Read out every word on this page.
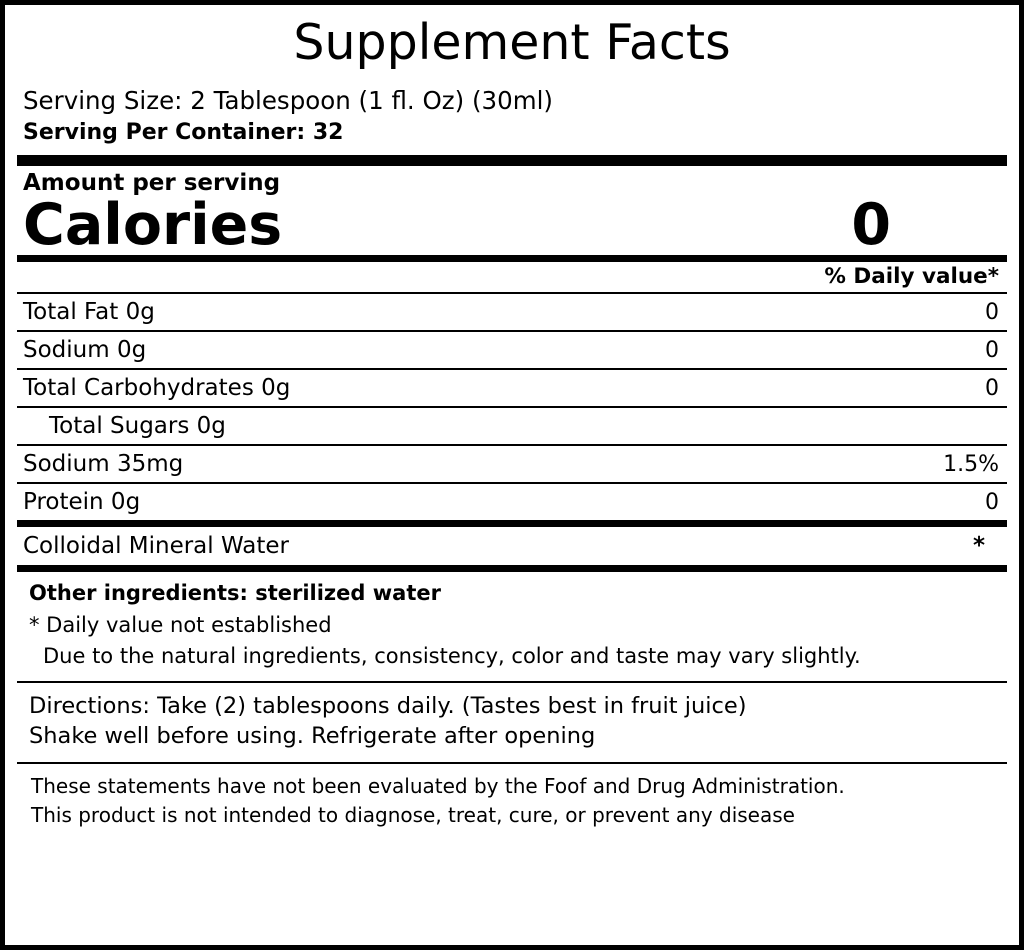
Supplement Facts
Serving Size: 2 Tablespoon (1 fl. Oz) (30ml)
Serving Per Container: 32
Amount per serving
Calories	0
% Daily value*
Total Fat 0g	0
Sodium 0g	0
Total Carbohydrates 0g	0
Total Sugars 0g
Sodium 35mg	1.5%
Protein 0g	0
Colloidal Mineral Water	*
Other ingredients: sterilized water
* Daily value not established
Due to the natural ingredients, consistency, color and taste may vary slightly.
Directions: Take (2) tablespoons daily. (Tastes best in fruit juice)
Shake well before using. Refrigerate after opening
These statements have not been evaluated by the Foof and Drug Administration.
This product is not intended to diagnose, treat, cure, or prevent any disease
